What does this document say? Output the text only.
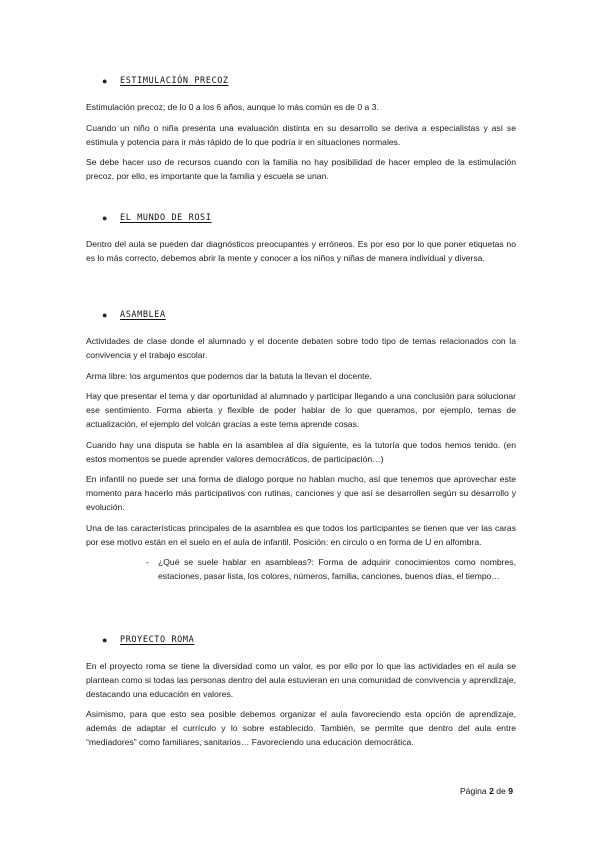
●	ESTIMULACIÓN PRECOZ

Estimulación precoz; de lo 0 a los 6 años, aunque lo más común es de 0 a 3.

Cuando un niño o niña presenta una evaluación distinta en su desarrollo se deriva a especialistas y así se estimula y potencia para ir más rápido de lo que podría ir en situaciones normales.

Se debe hacer uso de recursos cuando con la familia no hay posibilidad de hacer empleo de la estimulación precoz, por ello, es importante que la familia y escuela se unan.

●	EL MUNDO DE ROSI

Dentro del aula se pueden dar diagnósticos preocupantes y erróneos. Es por eso por lo que poner etiquetas no es lo más correcto, debemos abrir la mente y conocer a los niños y niñas de manera individual y diversa.

●	ASAMBLEA

Actividades de clase donde el alumnado y el docente debaten sobre todo tipo de temas relacionados con la convivencia y el trabajo escolar.

Arma libre: los argumentos que podemos dar la batuta la llevan el docente.

Hay que presentar el tema y dar oportunidad al alumnado y participar llegando a una conclusión para solucionar ese sentimiento. Forma abierta y flexible de poder hablar de lo que queramos, por ejemplo, temas de actualización, el ejemplo del volcán gracias a este tema aprende cosas.

Cuando hay una disputa se habla en la asamblea al día siguiente, es la tutoría que todos hemos tenido. (en estos momentos se puede aprender valores democráticos, de participación…)

En infantil no puede ser una forma de dialogo porque no hablan mucho, así que tenemos que aprovechar este momento para hacerlo más participativos con rutinas, canciones y que así se desarrollen según su desarrollo y evolución.

Una de las características principales de la asamblea es que todos los participantes se tienen que ver las caras por ese motivo están en el suelo en el aula de infantil. Posición: en circulo o en forma de U en alfombra.

-	¿Qué se suele hablar en asambleas?: Forma de adquirir conocimientos como nombres, estaciones, pasar lista, los colores, números, familia, canciones, buenos días, el tiempo…

●	PROYECTO ROMA

En el proyecto roma se tiene la diversidad como un valor, es por ello por lo que las actividades en el aula se plantean como si todas las personas dentro del aula estuvieran en una comunidad de convivencia y aprendizaje, destacando una educación en valores.

Asimismo, para que esto sea posible debemos organizar el aula favoreciendo esta opción de aprendizaje, además de adaptar el currículo y lo sobre establecido. También, se permite que dentro del aula entre “mediadores” como familiares, sanitarios… Favoreciendo una educación democrática.

Página 2 de 9
